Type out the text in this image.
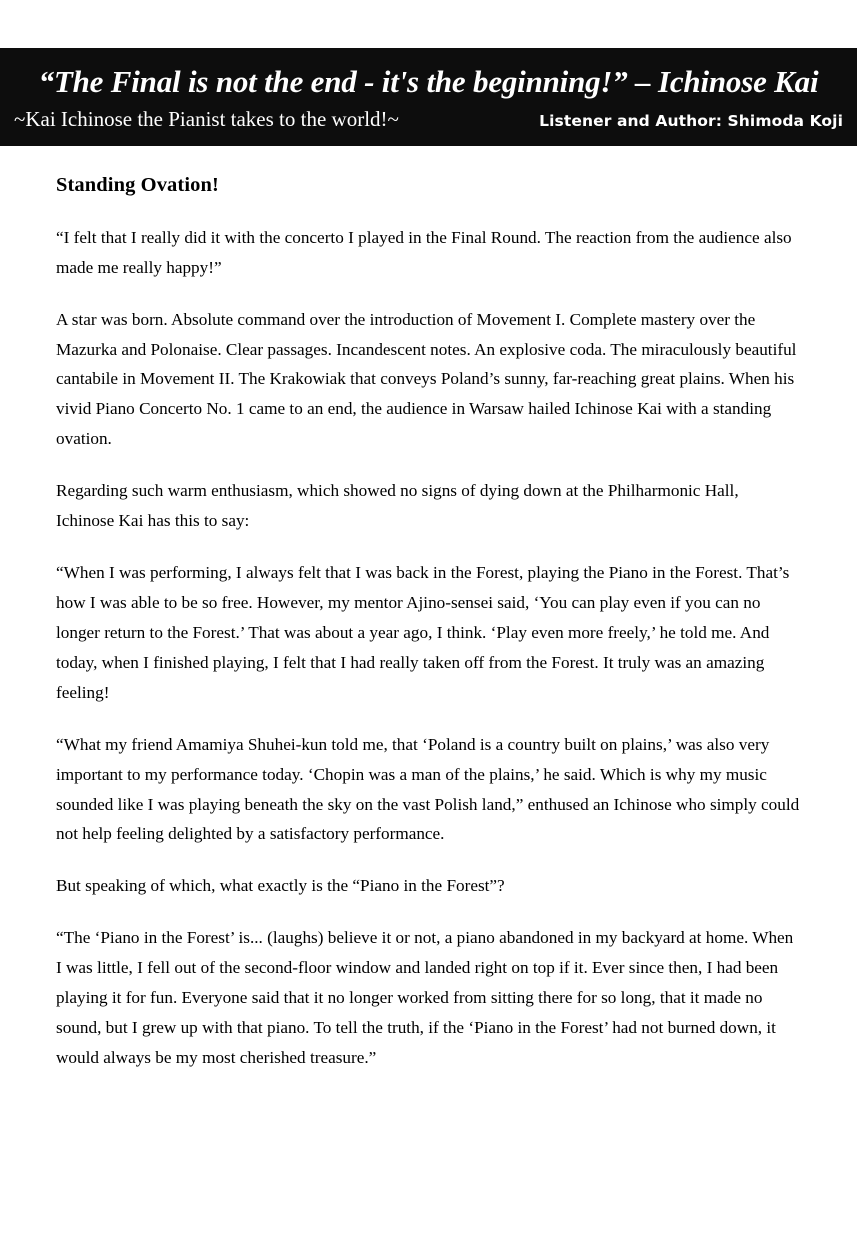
“The Final is not the end - it's the beginning!” – Ichinose Kai
~Kai Ichinose the Pianist takes to the world!~	Listener and Author: Shimoda Koji
Standing Ovation!

“I felt that I really did it with the concerto I played in the Final Round. The reaction from the audience also made me really happy!”

A star was born. Absolute command over the introduction of Movement I. Complete mastery over the Mazurka and Polonaise. Clear passages. Incandescent notes. An explosive coda. The miraculously beautiful cantabile in Movement II. The Krakowiak that conveys Poland’s sunny, far-reaching great plains. When his vivid Piano Concerto No. 1 came to an end, the audience in Warsaw hailed Ichinose Kai with a standing ovation.

Regarding such warm enthusiasm, which showed no signs of dying down at the Philharmonic Hall, Ichinose Kai has this to say:

“When I was performing, I always felt that I was back in the Forest, playing the Piano in the Forest. That’s how I was able to be so free. However, my mentor Ajino-sensei said, ‘You can play even if you can no longer return to the Forest.’ That was about a year ago, I think. ‘Play even more freely,’ he told me. And today, when I finished playing, I felt that I had really taken off from the Forest. It truly was an amazing feeling!

“What my friend Amamiya Shuhei-kun told me, that ‘Poland is a country built on plains,’ was also very important to my performance today. ‘Chopin was a man of the plains,’ he said. Which is why my music sounded like I was playing beneath the sky on the vast Polish land,” enthused an Ichinose who simply could not help feeling delighted by a satisfactory performance.

But speaking of which, what exactly is the “Piano in the Forest”?

“The ‘Piano in the Forest’ is... (laughs) believe it or not, a piano abandoned in my backyard at home. When I was little, I fell out of the second-floor window and landed right on top if it. Ever since then, I had been playing it for fun. Everyone said that it no longer worked from sitting there for so long, that it made no sound, but I grew up with that piano. To tell the truth, if the ‘Piano in the Forest’ had not burned down, it would always be my most cherished treasure.”
